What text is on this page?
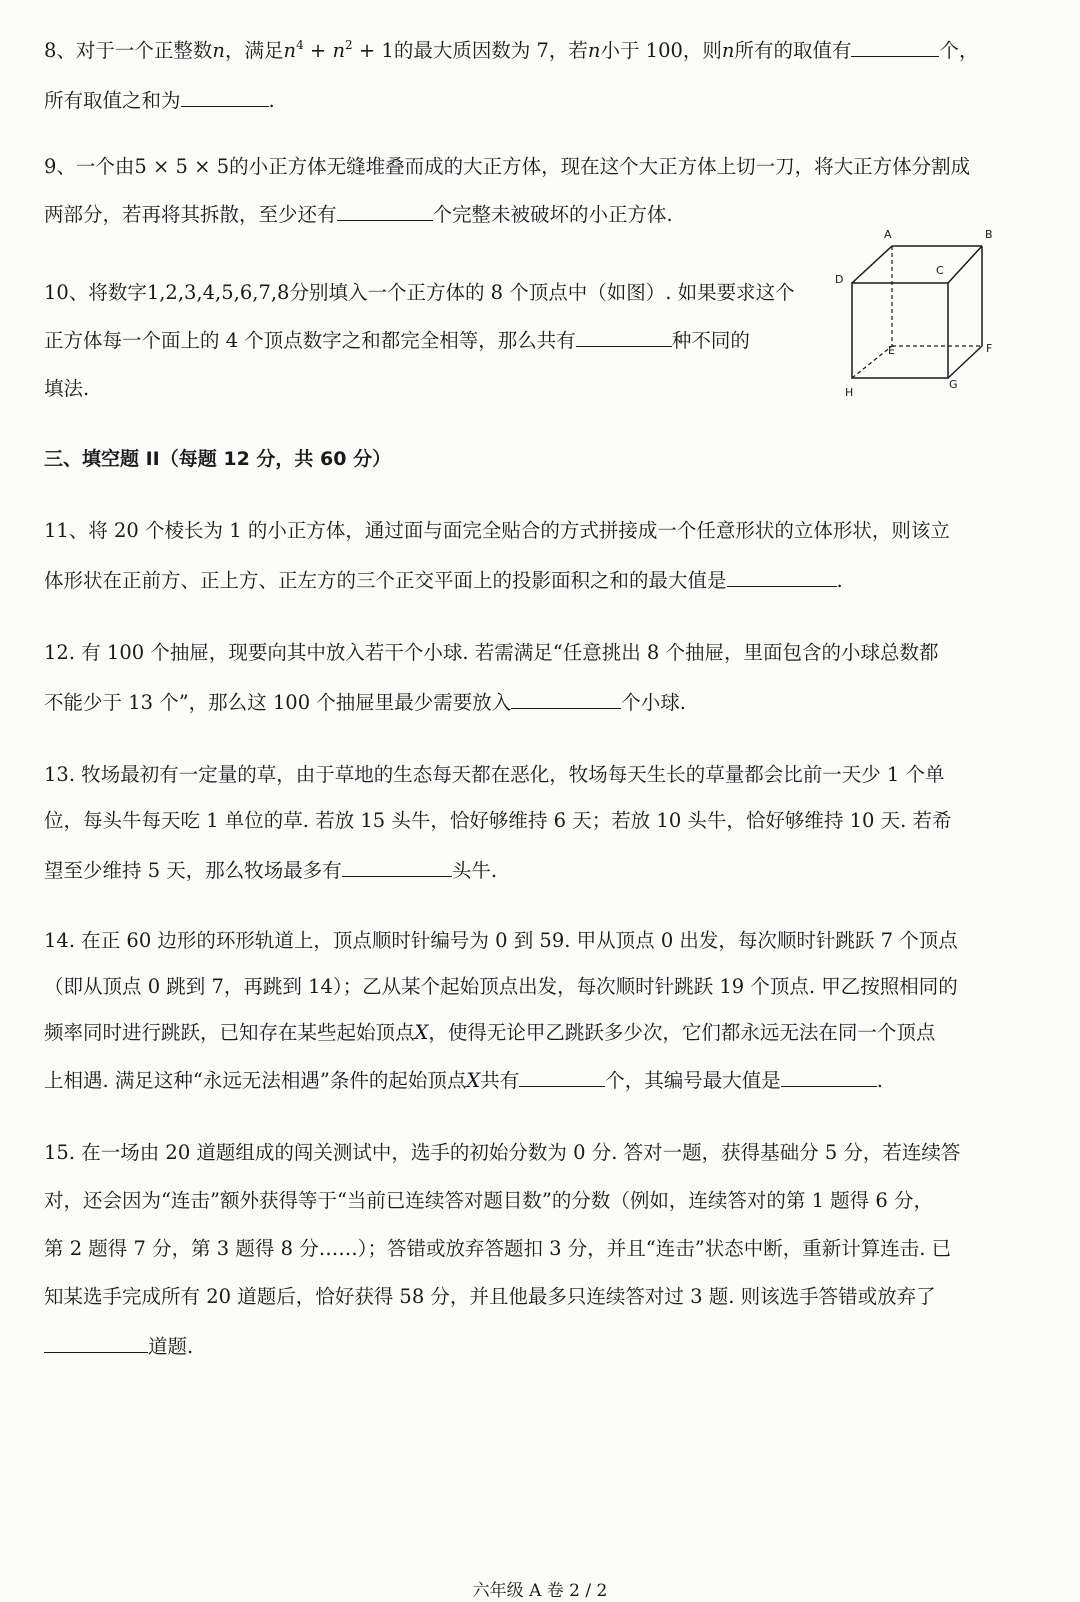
8、对于一个正整数n，满足$n^4 + n^2 + 1$的最大质因数为 7，若n小于 100，则n所有的取值有	个，
所有取值之和为	.
9、一个由5 × 5 × 5的小正方体无缝堆叠而成的大正方体，现在这个大正方体上切一刀，将大正方体分割成
两部分，若再将其拆散，至少还有	个完整未被破坏的小正方体.
10、将数字1,2,3,4,5,6,7,8分别填入一个正方体的 8 个顶点中（如图）. 如果要求这个
正方体每一个面上的 4 个顶点数字之和都完全相等，那么共有	种不同的
填法.
A	B
C
D
E	F
G
H
三、填空题 II（每题 12 分，共 60 分）
11、将 20 个棱长为 1 的小正方体，通过面与面完全贴合的方式拼接成一个任意形状的立体形状，则该立
体形状在正前方、正上方、正左方的三个正交平面上的投影面积之和的最大值是	.
12. 有 100 个抽屉，现要向其中放入若干个小球. 若需满足“任意挑出 8 个抽屉，里面包含的小球总数都
不能少于 13 个”，那么这 100 个抽屉里最少需要放入	个小球.
13. 牧场最初有一定量的草，由于草地的生态每天都在恶化，牧场每天生长的草量都会比前一天少 1 个单
位，每头牛每天吃 1 单位的草. 若放 15 头牛，恰好够维持 6 天；若放 10 头牛，恰好够维持 10 天. 若希
望至少维持 5 天，那么牧场最多有	头牛.
14. 在正 60 边形的环形轨道上，顶点顺时针编号为 0 到 59. 甲从顶点 0 出发，每次顺时针跳跃 7 个顶点
（即从顶点 0 跳到 7，再跳到 14）；乙从某个起始顶点出发，每次顺时针跳跃 19 个顶点. 甲乙按照相同的
频率同时进行跳跃，已知存在某些起始顶点X，使得无论甲乙跳跃多少次，它们都永远无法在同一个顶点
上相遇. 满足这种“永远无法相遇”条件的起始顶点X共有	个，其编号最大值是	.
15. 在一场由 20 道题组成的闯关测试中，选手的初始分数为 0 分. 答对一题，获得基础分 5 分，若连续答
对，还会因为“连击”额外获得等于“当前已连续答对题目数”的分数（例如，连续答对的第 1 题得 6 分，
第 2 题得 7 分，第 3 题得 8 分……）；答错或放弃答题扣 3 分，并且“连击”状态中断，重新计算连击. 已
知某选手完成所有 20 道题后，恰好获得 58 分，并且他最多只连续答对过 3 题. 则该选手答错或放弃了
道题.
六年级 A 卷 2 / 2
